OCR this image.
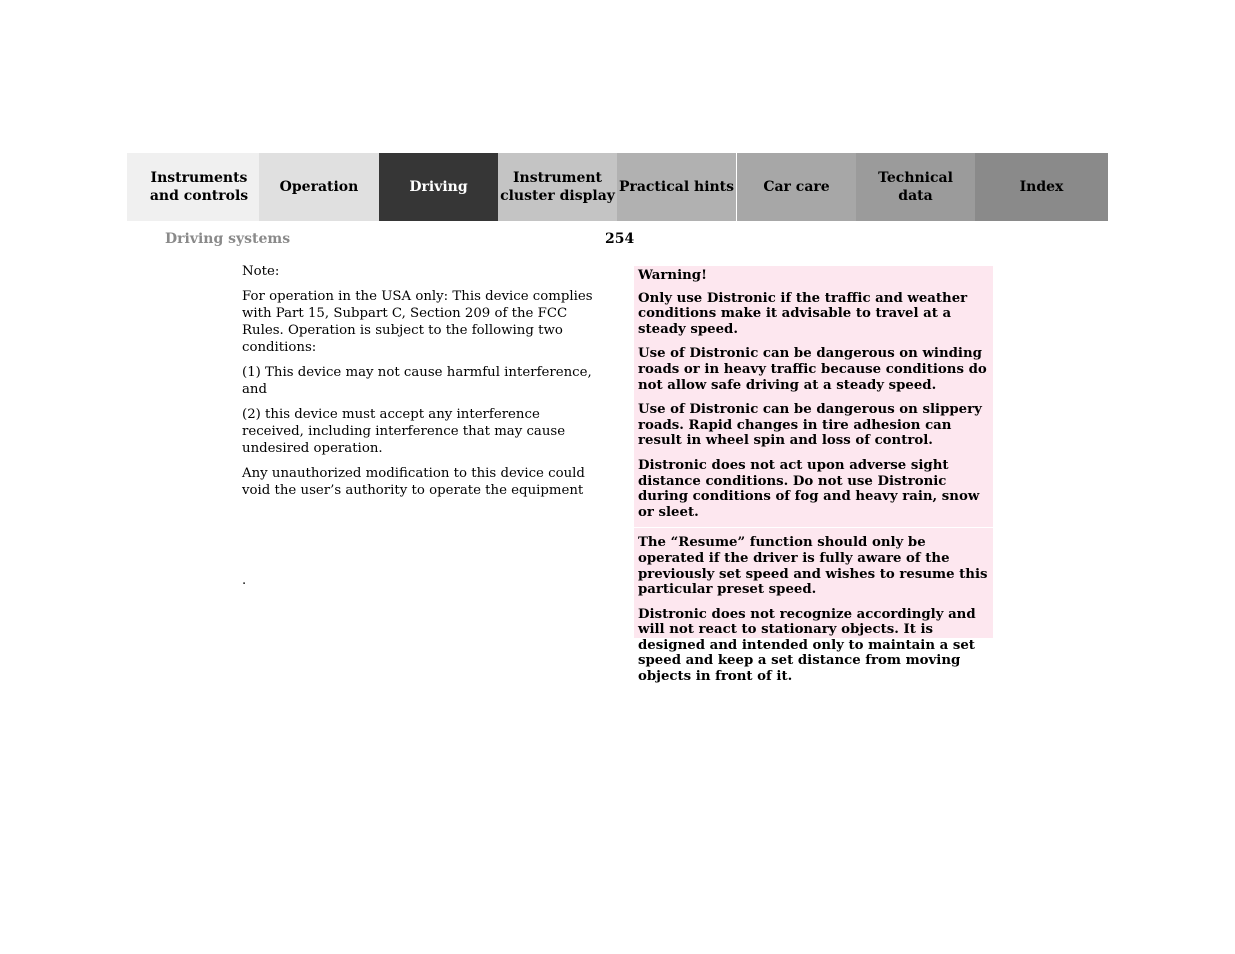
Instruments
and controls
Operation	Driving
Instrument
cluster display
Practical hints Car care
Technical
data
Index
Driving systems	254

Note:

For operation in the USA only: This device complies with Part 15, Subpart C, Section 209 of the FCC Rules. Operation is subject to the following two conditions:

(1) This device may not cause harmful interference, and

(2) this device must accept any interference received, including interference that may cause undesired operation.

Any unauthorized modification to this device could void the user’s authority to operate the equipment

.

Warning!

Only use Distronic if the traffic and weather conditions make it advisable to travel at a steady speed.

Use of Distronic can be dangerous on winding roads or in heavy traffic because conditions do not allow safe driving at a steady speed.

Use of Distronic can be dangerous on slippery roads. Rapid changes in tire adhesion can result in wheel spin and loss of control.

Distronic does not act upon adverse sight distance conditions. Do not use Distronic during conditions of fog and heavy rain, snow or sleet.

The “Resume” function should only be operated if the driver is fully aware of the previously set speed and wishes to resume this particular preset speed.

Distronic does not recognize accordingly and will not react to stationary objects. It is designed and intended only to maintain a set speed and keep a set distance from moving objects in front of it.
